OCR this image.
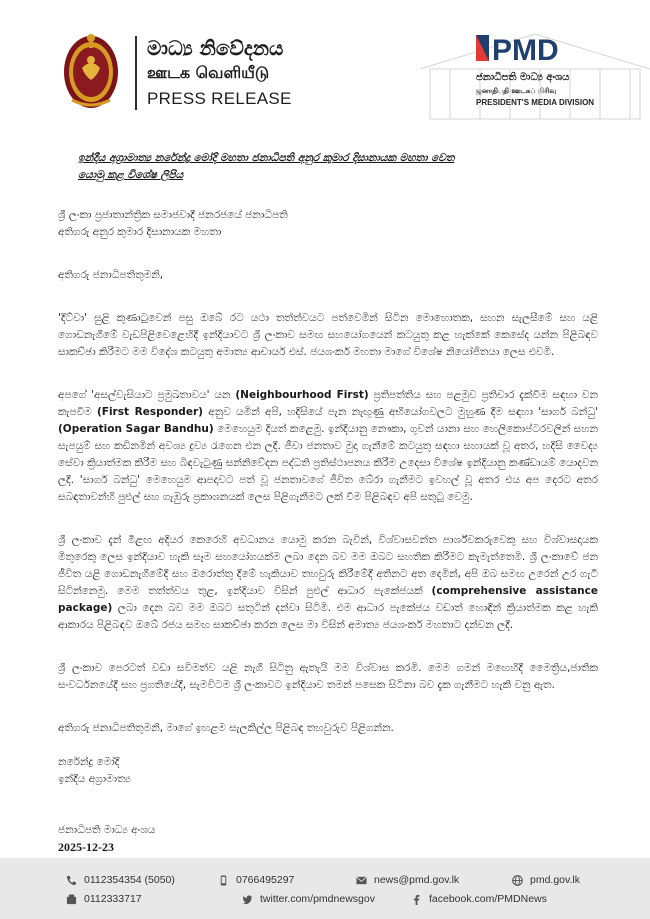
මාධ්‍ය නිවේදනය
ஊடக வெளியீடு
PRESS RELEASE
PMD
ජනාධිපති මාධ්‍ය අංශය
ஜனாதிபதி ஊடகப் பிரிவு
PRESIDENT'S MEDIA DIVISION
ඉන්දීය අග්‍රාමාත්‍ය නරේන්ද්‍ර මෝදි මහතා ජනාධිපති අනුර කුමාර දිසානායක මහතා වෙත
යොමු කළ විශේෂ ලිපිය
ශ්‍රී ලංකා ප්‍රජාතාන්ත්‍රික සමාජවාදී ජනරජයේ ජනාධිපති
අතිගරු අනුර කුමාර දිසානායක මහතා
අතිගරු ජනාධිපතිතුමනි,

'දිට්වා' සුළි කුණාටුවෙන් පසු ඔබේ රට යථා තත්ත්වයට පත්වෙමින් සිටින මොහොතක, සහන සැලසීමේ සහ යළි ගොඩනැගීමේ වැඩපිළිවෙළෙහිදී ඉන්දියාවට ශ්‍රී ලංකාව සමඟ සහයෝගයෙන් කටයුතු කළ හැක්කේ කෙසේද යන්න පිළිබඳව සාකච්ඡා කිරීමට මම විදේශ කටයුතු අමාත්‍ය ආචාර්ය එස්. ජයශංකර් මහතා මාගේ විශේෂ නියෝජිතයා ලෙස එවමි.

අපගේ 'අසල්වැසියාට ප්‍රමුඛතාවය' යන (Neighbourhood First) ප්‍රතිපත්තිය සහ පළමුව ප්‍රතිචාර දැක්වීම සඳහා වන කැපවීම (First Responder) අනුව යමින් අපි, හදිසියේ පැන නැඟුණු අභියෝගවලට මුහුණ දීම සඳහා 'සාගර් බන්ධු' (Operation Sagar Bandhu) මෙහෙයුම දියත් කළෙමු. ඉන්දියානු නෞකා, ගුවන් යානා සහ හෙලිකොප්ටරවලින් සහන සැපයුම් සහ කඩිනමින් අවශ්‍ය ද්‍රව්‍ය රැගෙන එන ලදී. ජීවා ජනතාව මුදා ගැනීමේ කටයුතු සඳහා සහායක් වූ අතර, හදිසි වෛද්‍ය සේවා ක්‍රියාත්මක කිරීම සහ බිඳවැටුණු සන්නිවේදන පද්ධති ප්‍රතිස්ථාපනය කිරීම උදෙසා විශේෂ ඉන්දියානු කණ්ඩායම් යොදවන ලදී. 'සාගර් බන්ධු' මෙහෙයුම ආපදාවට පත් වූ ජනතාවගේ ජීවිත බේරා ගැනීමට ඉවහල් වූ අතර එය අප දෙරට අතර සබඳතාවන්හි පුළුල් සහ ගැඹුරු ප්‍රකාශනයක් ලෙස පිළිගැනීමට ලක් වීම පිළිබඳව අපි සතුටු වෙමු.

ශ්‍රී ලංකාව දැන් මීළඟ අදියර කෙරෙහි අවධානය යොමු කරන බැවින්, විශ්වාසවන්ත පාර්ශ්වකරුවෙකු සහ විශ්වාසදායක මිතුරෙකු ලෙස ඉන්දියාව හැකි සෑම සහයෝගයක්ම ලබා දෙන බව මම ඔබට සහතික කිරීමට කැමැත්තෙමි. ශ්‍රී ලංකාවේ ජන ජීවිත යළි ගොඩනැගීමේදී සහ ඔරොත්තු දීමේ හැකියාව තහවුරු කිරීමේදී අතිනට අත දෙමින්, අපි ඔබ සමඟ උරෙන් උර ගැටී සිටින්නෙමු. මෙම තත්ත්වය තුළ, ඉන්දියාව විසින් පුළුල් ආධාර පැකේජයක් (comprehensive assistance package) ලබා දෙන බව මම ඔබට සතුටින් දන්වා සිටිමි. එම ආධාර පැකේජය වඩාත් හොඳින් ක්‍රියාත්මක කළ හැකි ආකාරය පිළිබඳව ඔබේ රජය සමඟ සාකච්ඡා කරන ලෙස මා විසින් අමාත්‍ය ජයශංකර් මහතාට දන්වන ලදී.

ශ්‍රී ලංකාව පෙරටත් වඩා සවිමත්ව යළි නැගී සිටිනු ඇතැයි මම විශ්වාස කරමි. මෙම ගමන් මඟෙහිදී මෛත්‍රිය,ජාතික සංවර්ධනයේදී සහ ප්‍රගතියේදී, සැමවිටම ශ්‍රී ලංකාවට ඉන්දියාව තමන් පසෙක සිටිනා බව දැක ගැනීමට හැකි වනු ඇත.

අතිගරු ජනාධිපතිතුමනි, මාගේ ඉහළම සැලකිල්ල පිළිබඳ තහවුරුව පිළිගන්න.
නරේන්ද්‍ර මෝදි
ඉන්දීය අග්‍රාමාත්‍ය
ජනාධිපති මාධ්‍ය අංශය
2025-12-23
0112354354 (5050)	0766495297	news@pmd.gov.lk	pmd.gov.lk
0112333717	twitter.com/pmdnewsgov	facebook.com/PMDNews
